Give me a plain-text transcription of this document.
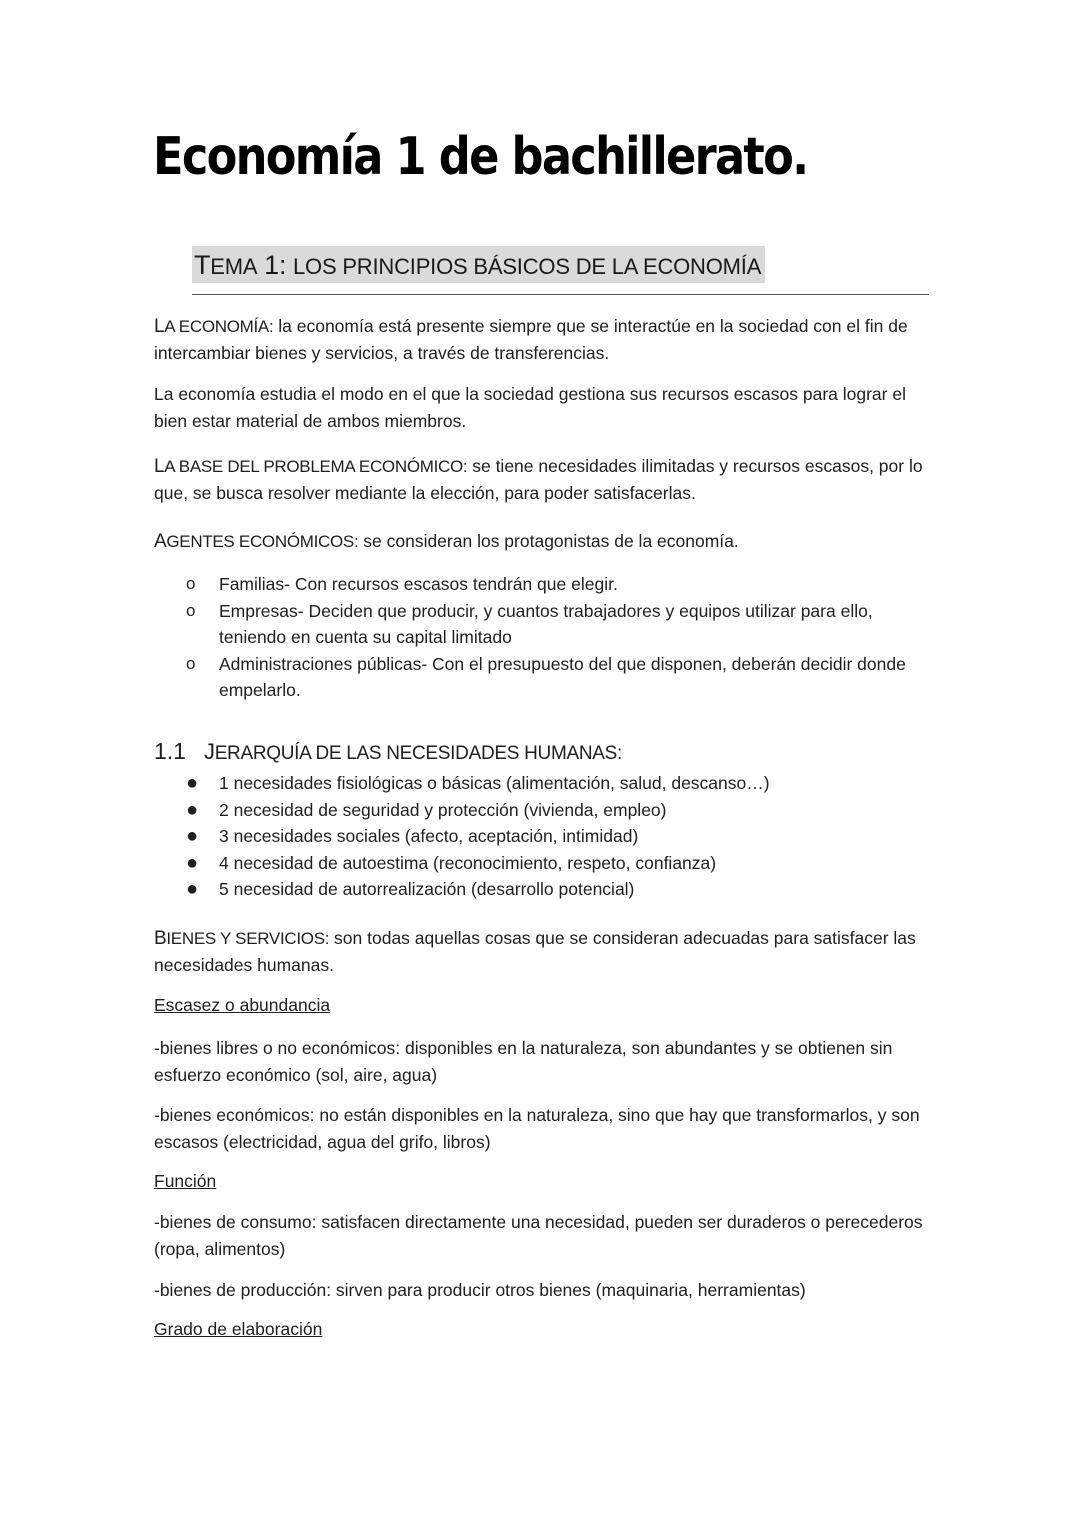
Economía 1 de bachillerato.
TEMA 1: LOS PRINCIPIOS BÁSICOS DE LA ECONOMÍA

LA ECONOMÍA: la economía está presente siempre que se interactúe en la sociedad con el fin de intercambiar bienes y servicios, a través de transferencias.

La economía estudia el modo en el que la sociedad gestiona sus recursos escasos para lograr el bien estar material de ambos miembros.

LA BASE DEL PROBLEMA ECONÓMICO: se tiene necesidades ilimitadas y recursos escasos, por lo que, se busca resolver mediante la elección, para poder satisfacerlas.

AGENTES ECONÓMICOS: se consideran los protagonistas de la economía.

o Familias- Con recursos escasos tendrán que elegir.
o Empresas- Deciden que producir, y cuantos trabajadores y equipos utilizar para ello, teniendo en cuenta su capital limitado
o Administraciones públicas- Con el presupuesto del que disponen, deberán decidir donde empelarlo.
1.1 JERARQUÍA DE LAS NECESIDADES HUMANAS:
● 1 necesidades fisiológicas o básicas (alimentación, salud, descanso…)
● 2 necesidad de seguridad y protección (vivienda, empleo)
● 3 necesidades sociales (afecto, aceptación, intimidad)
● 4 necesidad de autoestima (reconocimiento, respeto, confianza)
● 5 necesidad de autorrealización (desarrollo potencial)

BIENES Y SERVICIOS: son todas aquellas cosas que se consideran adecuadas para satisfacer las necesidades humanas.

Escasez o abundancia

-bienes libres o no económicos: disponibles en la naturaleza, son abundantes y se obtienen sin esfuerzo económico (sol, aire, agua)

-bienes económicos: no están disponibles en la naturaleza, sino que hay que transformarlos, y son escasos (electricidad, agua del grifo, libros)

Función

-bienes de consumo: satisfacen directamente una necesidad, pueden ser duraderos o perecederos (ropa, alimentos)

-bienes de producción: sirven para producir otros bienes (maquinaria, herramientas)

Grado de elaboración
